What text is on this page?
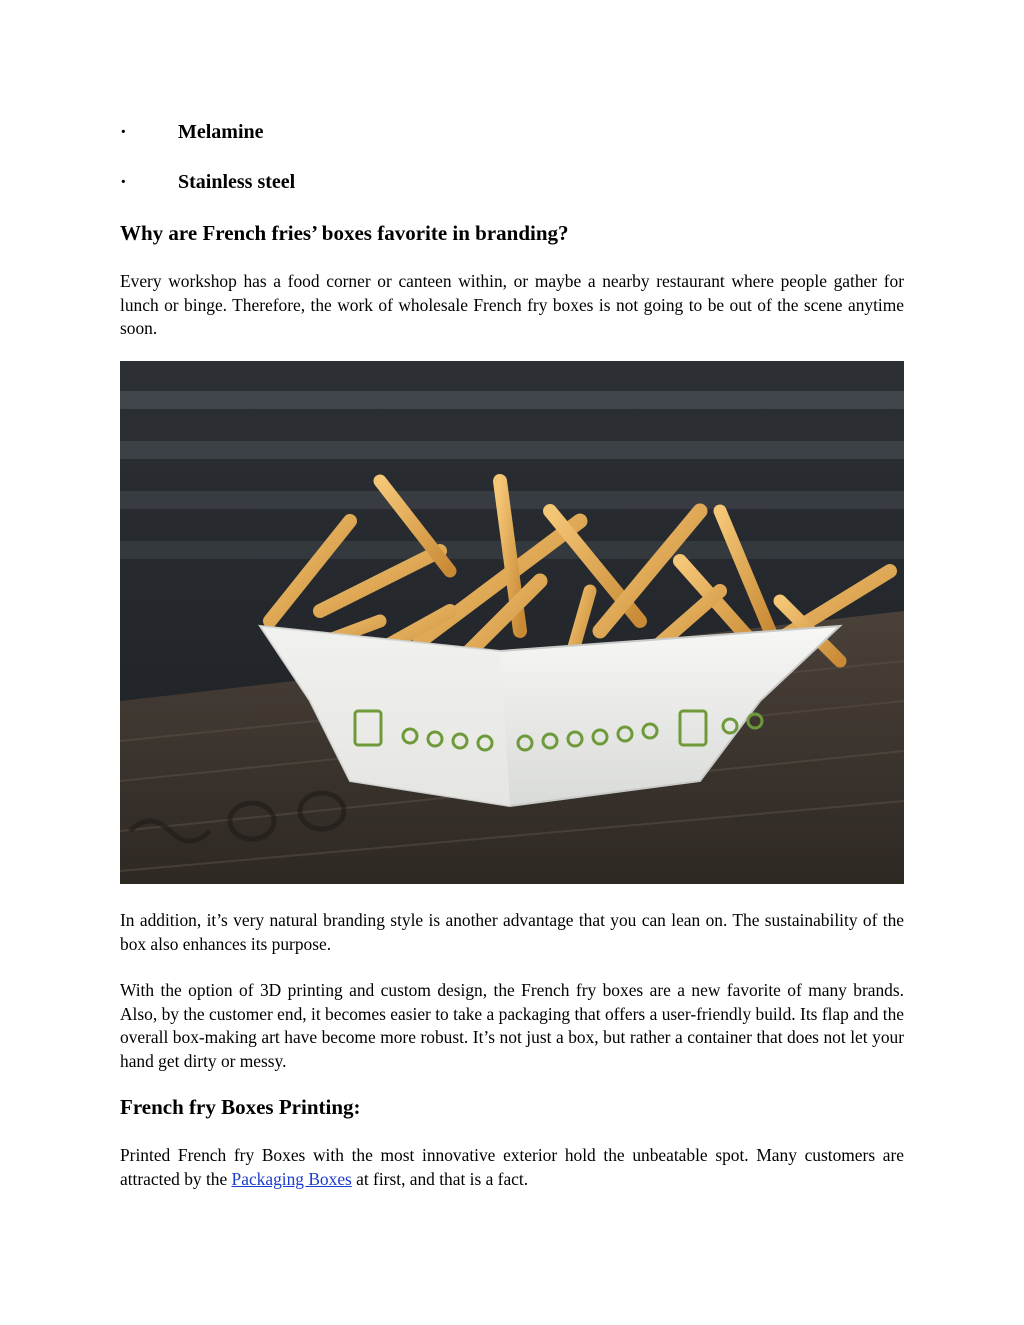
·	Melamine
·	Stainless steel
Why are French fries’ boxes favorite in branding?

Every workshop has a food corner or canteen within, or maybe a nearby restaurant where people gather for lunch or binge. Therefore, the work of wholesale French fry boxes is not going to be out of the scene anytime soon.

In addition, it’s very natural branding style is another advantage that you can lean on. The sustainability of the box also enhances its purpose.

With the option of 3D printing and custom design, the French fry boxes are a new favorite of many brands. Also, by the customer end, it becomes easier to take a packaging that offers a user-friendly build. Its flap and the overall box-making art have become more robust. It’s not just a box, but rather a container that does not let your hand get dirty or messy.

French fry Boxes Printing:

Printed French fry Boxes with the most innovative exterior hold the unbeatable spot. Many customers are attracted by the Packaging Boxes at first, and that is a fact.
